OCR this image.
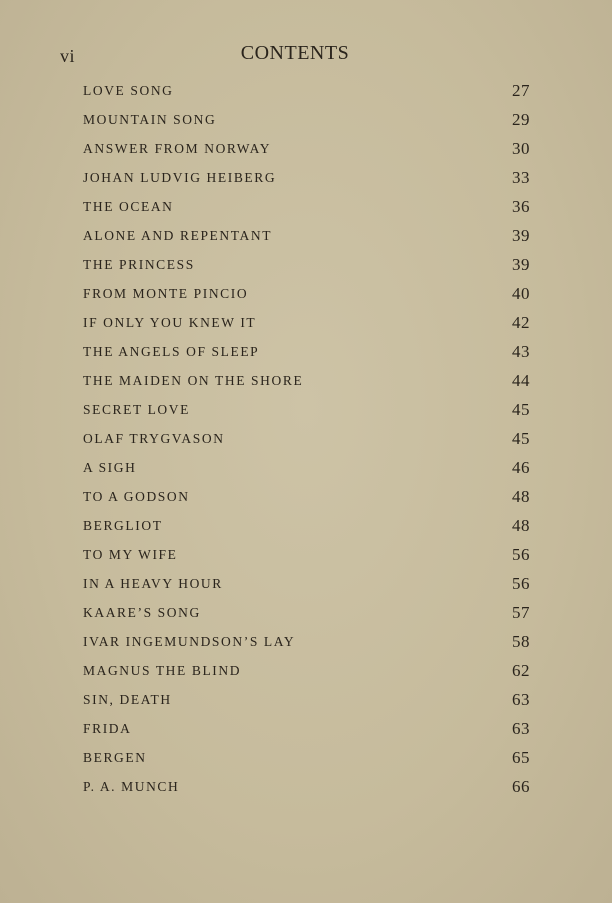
vi	CONTENTS
LOVE SONG	27
MOUNTAIN SONG	29
ANSWER FROM NORWAY	30
JOHAN LUDVIG HEIBERG	33
THE OCEAN	36
ALONE AND REPENTANT	39
THE PRINCESS	39
FROM MONTE PINCIO	40
IF ONLY YOU KNEW IT	42
THE ANGELS OF SLEEP	43
THE MAIDEN ON THE SHORE	44
SECRET LOVE	45
OLAF TRYGVASON	45
A SIGH	46
TO A GODSON	48
BERGLIOT	48
TO MY WIFE	56
IN A HEAVY HOUR	56
KAARE’S SONG	57
IVAR INGEMUNDSON’S LAY	58
MAGNUS THE BLIND	62
SIN, DEATH	63
FRIDA	63
BERGEN	65
P. A. MUNCH	66
